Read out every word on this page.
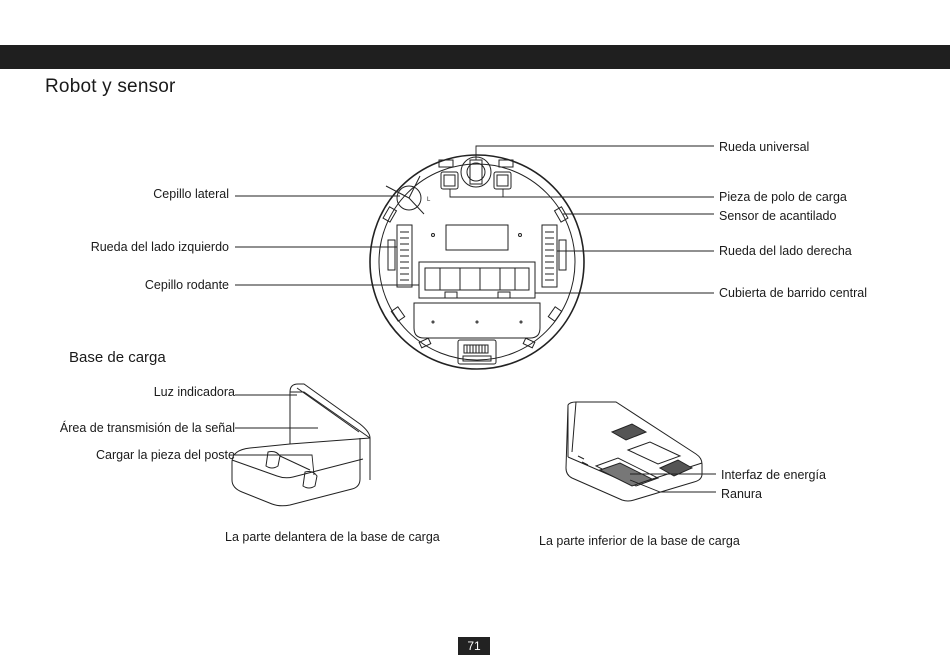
Robot y sensor
L
Cepillo lateral
Rueda del lado izquierdo
Cepillo rodante
Rueda universal
Pieza de polo de carga
Sensor de acantilado
Rueda del lado derecha
Cubierta de barrido central
Base de carga
Luz indicadora
Área de transmisión de la señal
Cargar la pieza del poste
Interfaz de energía
Ranura
La parte delantera de la base de carga	La parte inferior de la base de carga
71
